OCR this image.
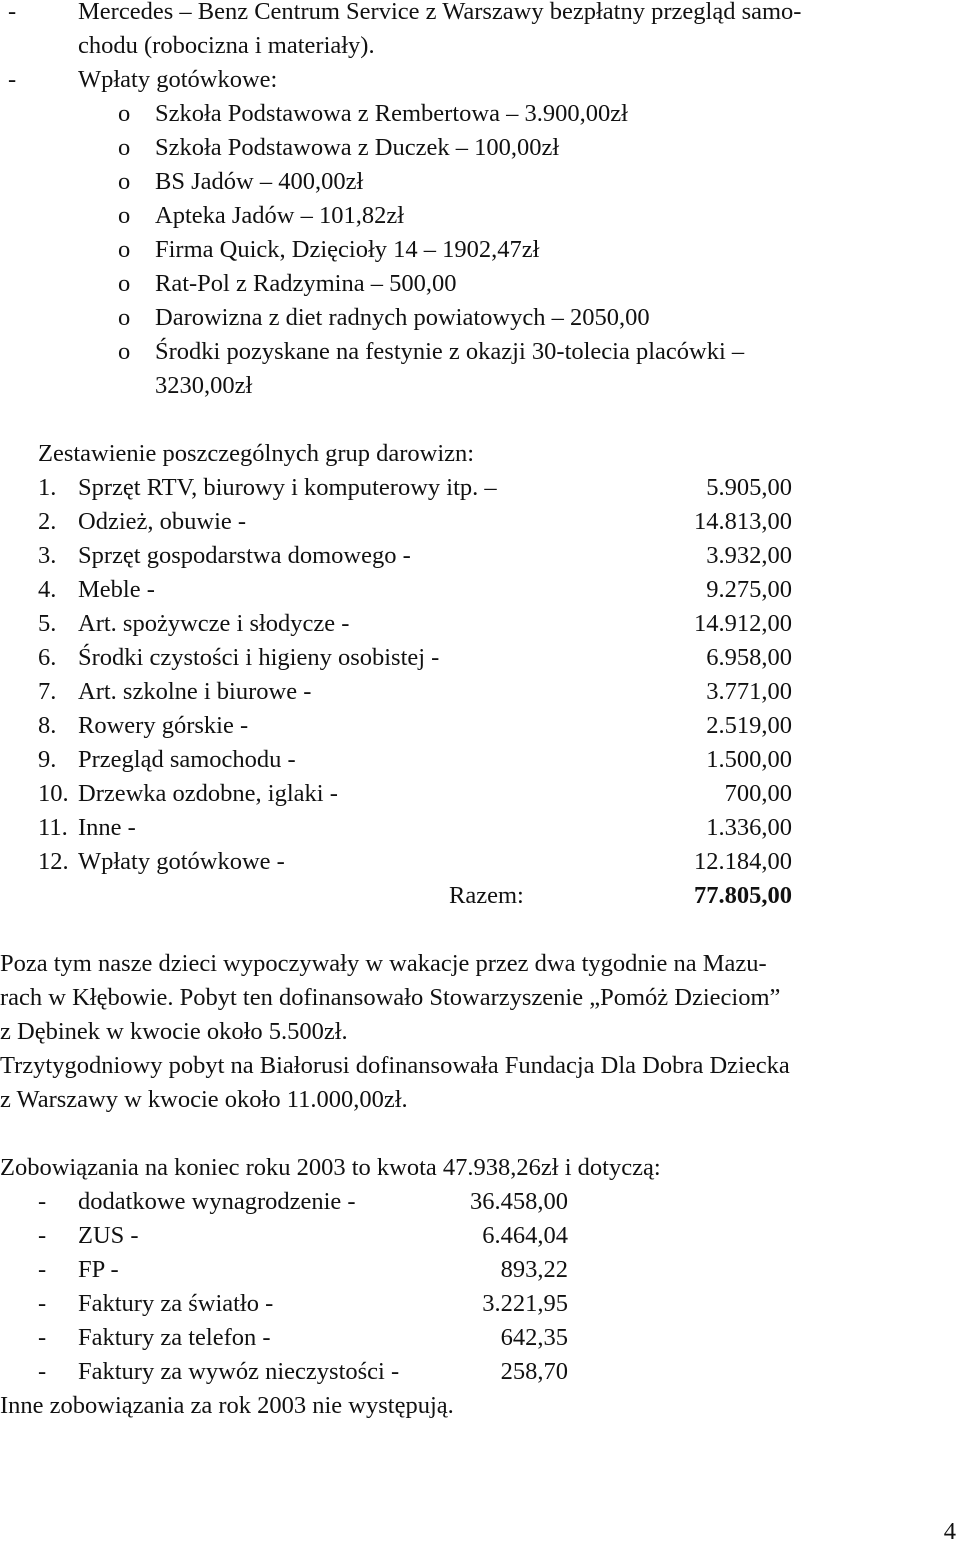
-	Mercedes – Benz Centrum Service z Warszawy bezpłatny przegląd samo-
chodu (robocizna i materiały).
-	Wpłaty gotówkowe:
o Szkoła Podstawowa z Rembertowa – 3.900,00zł
o Szkoła Podstawowa z Duczek – 100,00zł
o BS Jadów – 400,00zł
o Apteka Jadów – 101,82zł
o Firma Quick, Dzięcioły 14 – 1902,47zł
o Rat-Pol z Radzymina – 500,00
o Darowizna z diet radnych powiatowych – 2050,00
o Środki pozyskane na festynie z okazji 30-tolecia placówki –
3230,00zł
Zestawienie poszczególnych grup darowizn:
1. Sprzęt RTV, biurowy i komputerowy itp. –	5.905,00
2. Odzież, obuwie -	14.813,00
3. Sprzęt gospodarstwa domowego -	3.932,00
4. Meble -	9.275,00
5. Art. spożywcze i słodycze -	14.912,00
6. Środki czystości i higieny osobistej -	6.958,00
7. Art. szkolne i biurowe -	3.771,00
8. Rowery górskie -	2.519,00
9. Przegląd samochodu -	1.500,00
10. Drzewka ozdobne, iglaki -	700,00
11. Inne -	1.336,00
12. Wpłaty gotówkowe -	12.184,00
Razem:	77.805,00
Poza tym nasze dzieci wypoczywały w wakacje przez dwa tygodnie na Mazu-
rach w Kłębowie. Pobyt ten dofinansowało Stowarzyszenie „Pomóż Dzieciom”
z Dębinek w kwocie około 5.500zł.
Trzytygodniowy pobyt na Białorusi dofinansowała Fundacja Dla Dobra Dziecka
z Warszawy w kwocie około 11.000,00zł.
Zobowiązania na koniec roku 2003 to kwota 47.938,26zł i dotyczą:
- dodatkowe wynagrodzenie -	36.458,00
- ZUS -	6.464,04
- FP -	893,22
- Faktury za światło -	3.221,95
- Faktury za telefon -	642,35
- Faktury za wywóz nieczystości -	258,70
Inne zobowiązania za rok 2003 nie występują.
4
